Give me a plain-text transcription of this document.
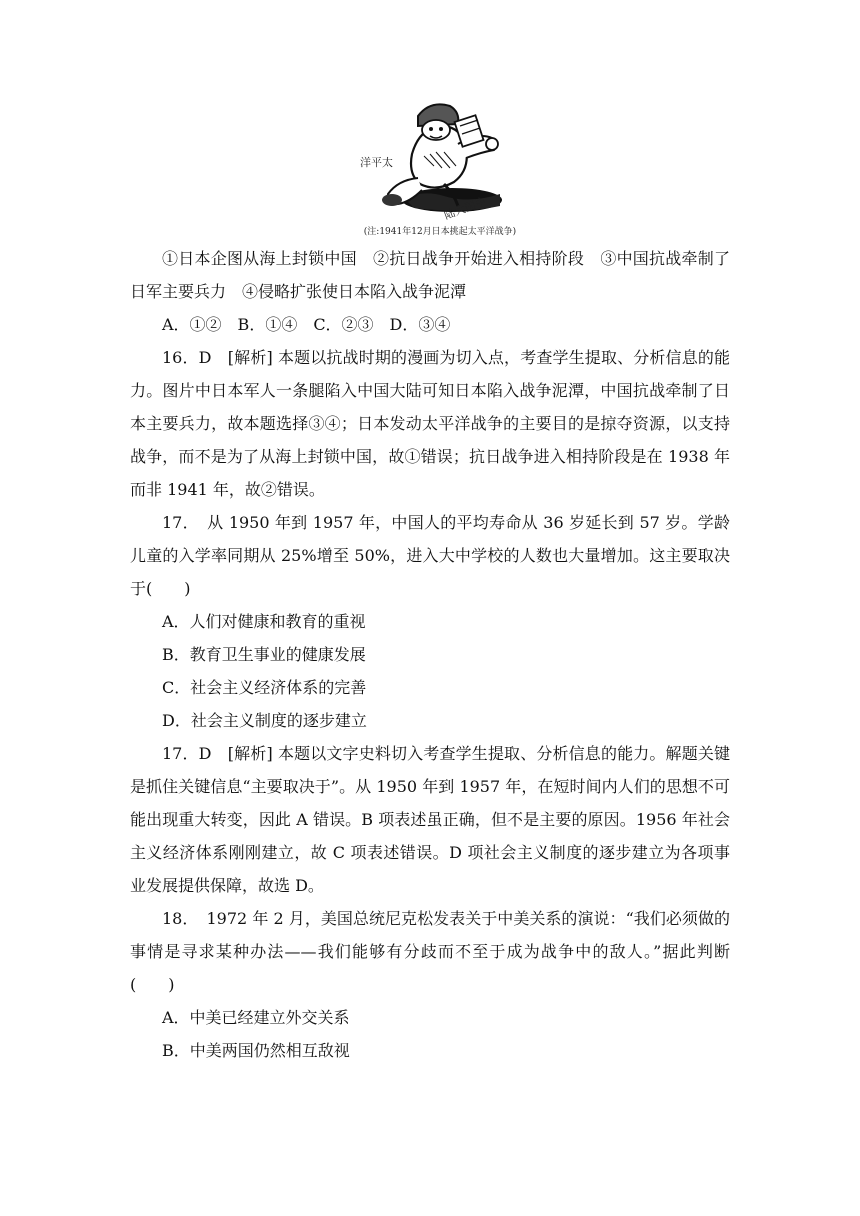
洋平太
陆大国中
(注:1941年12月日本挑起太平洋战争)

①日本企图从海上封锁中国　②抗日战争开始进入相持阶段　③中国抗战牵制了日军主要兵力　④侵略扩张使日本陷入战争泥潭

A．①②　B．①④　C．②③　D．③④

16．D　[解析] 本题以抗战时期的漫画为切入点，考查学生提取、分析信息的能力。图片中日本军人一条腿陷入中国大陆可知日本陷入战争泥潭，中国抗战牵制了日本主要兵力，故本题选择③④；日本发动太平洋战争的主要目的是掠夺资源，以支持战争，而不是为了从海上封锁中国，故①错误；抗日战争进入相持阶段是在 1938 年而非 1941 年，故②错误。

17．　从 1950 年到 1957 年，中国人的平均寿命从 36 岁延长到 57 岁。学龄儿童的入学率同期从 25%增至 50%，进入大中学校的人数也大量增加。这主要取决于(　　)

A．人们对健康和教育的重视

B．教育卫生事业的健康发展

C．社会主义经济体系的完善

D．社会主义制度的逐步建立

17．D　[解析] 本题以文字史料切入考查学生提取、分析信息的能力。解题关键是抓住关键信息“主要取决于”。从 1950 年到 1957 年，在短时间内人们的思想不可能出现重大转变，因此 A 错误。B 项表述虽正确，但不是主要的原因。1956 年社会主义经济体系刚刚建立，故 C 项表述错误。D 项社会主义制度的逐步建立为各项事业发展提供保障，故选 D。

18．　1972 年 2 月，美国总统尼克松发表关于中美关系的演说：“我们必须做的事情是寻求某种办法——我们能够有分歧而不至于成为战争中的敌人。”据此判断(　　)

A．中美已经建立外交关系

B．中美两国仍然相互敌视
